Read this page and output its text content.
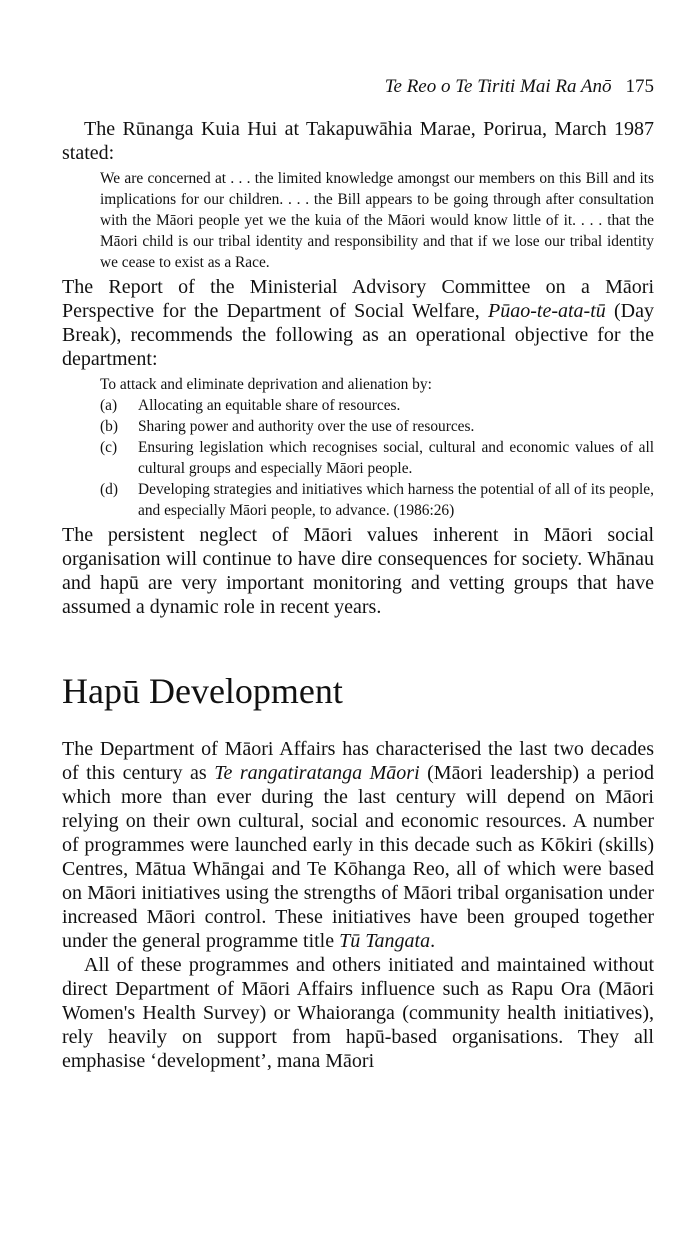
Te Reo o Te Tiriti Mai Ra Anō 175

The Rūnanga Kuia Hui at Takapuwāhia Marae, Porirua, March 1987 stated:

We are concerned at . . . the limited knowledge amongst our members on this Bill and its implications for our children. . . . the Bill appears to be going through after consultation with the Māori people yet we the kuia of the Māori would know little of it. . . . that the Māori child is our tribal identity and responsibility and that if we lose our tribal identity we cease to exist as a Race.

The Report of the Ministerial Advisory Committee on a Māori Perspective for the Department of Social Welfare, Pūao-te-ata-tū (Day Break), recommends the following as an operational objective for the department:

To attack and eliminate deprivation and alienation by:

(a) Allocating an equitable share of resources.
(b) Sharing power and authority over the use of resources.
(c) Ensuring legislation which recognises social, cultural and economic values of all cultural groups and especially Māori people.
(d) Developing strategies and initiatives which harness the potential of all of its people, and especially Māori people, to advance. (1986:26)

The persistent neglect of Māori values inherent in Māori social organisation will continue to have dire consequences for society. Whānau and hapū are very important monitoring and vetting groups that have assumed a dynamic role in recent years.

Hapū Development

The Department of Māori Affairs has characterised the last two decades of this century as Te rangatiratanga Māori (Māori leadership) a period which more than ever during the last century will depend on Māori relying on their own cultural, social and economic resources. A number of programmes were launched early in this decade such as Kōkiri (skills) Centres, Mātua Whāngai and Te Kōhanga Reo, all of which were based on Māori initiatives using the strengths of Māori tribal organisation under increased Māori control. These initiatives have been grouped together under the general programme title Tū Tangata.

All of these programmes and others initiated and maintained without direct Department of Māori Affairs influence such as Rapu Ora (Māori Women's Health Survey) or Whaioranga (community health initiatives), rely heavily on support from hapū-based organisations. They all emphasise ‘development’, mana Māori
